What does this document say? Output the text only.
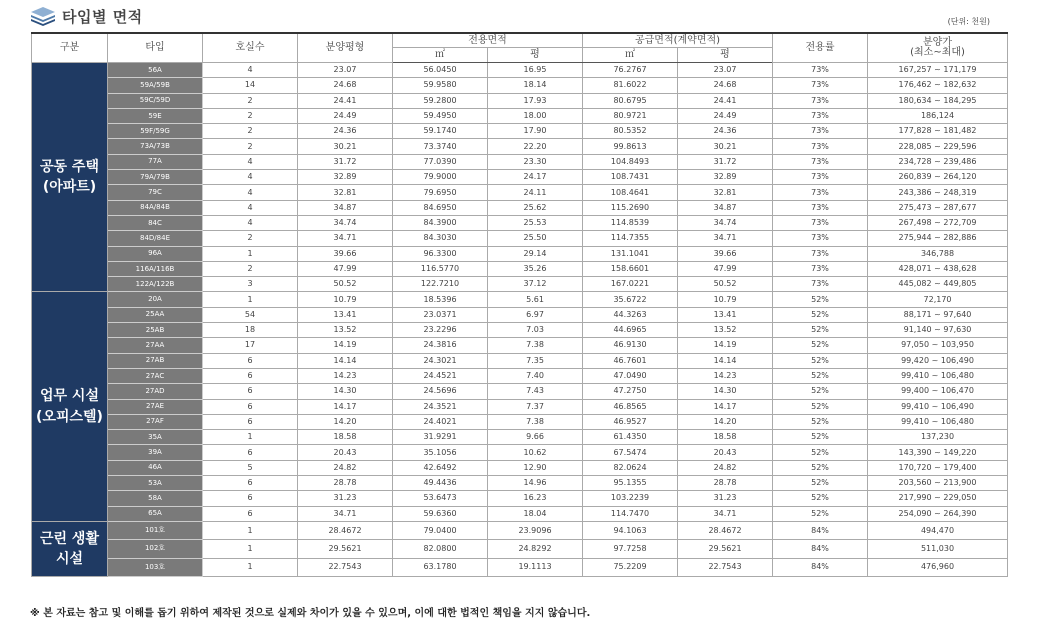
타입별 면적	(단위: 천원)
구분	타입	호실수	분양평형	전용면적		공급면적(계약면적)		전용률	분양가
(최소~최대)

				㎡	평	㎡	평		
공동 주택 (아파트)	56A	4	23.07	56.0450	16.95	76.2767	23.07	73%	167,257 ~ 171,179
	59A/59B	14	24.68	59.9580	18.14	81.6022	24.68	73%	176,462 ~ 182,632
	59C/59D	2	24.41	59.2800	17.93	80.6795	24.41	73%	180,634 ~ 184,295
	59E	2	24.49	59.4950	18.00	80.9721	24.49	73%	186,124
	59F/59G	2	24.36	59.1740	17.90	80.5352	24.36	73%	177,828 ~ 181,482
	73A/73B	2	30.21	73.3740	22.20	99.8613	30.21	73%	228,085 ~ 229,596
	77A	4	31.72	77.0390	23.30	104.8493	31.72	73%	234,728 ~ 239,486
	79A/79B	4	32.89	79.9000	24.17	108.7431	32.89	73%	260,839 ~ 264,120
	79C	4	32.81	79.6950	24.11	108.4641	32.81	73%	243,386 ~ 248,319
	84A/84B	4	34.87	84.6950	25.62	115.2690	34.87	73%	275,473 ~ 287,677
	84C	4	34.74	84.3900	25.53	114.8539	34.74	73%	267,498 ~ 272,709
	84D/84E	2	34.71	84.3030	25.50	114.7355	34.71	73%	275,944 ~ 282,886
	96A	1	39.66	96.3300	29.14	131.1041	39.66	73%	346,788
	116A/116B	2	47.99	116.5770	35.26	158.6601	47.99	73%	428,071 ~ 438,628
	122A/122B	3	50.52	122.7210	37.12	167.0221	50.52	73%	445,082 ~ 449,805
업무 시설 (오피스텔)	20A	1	10.79	18.5396	5.61	35.6722	10.79	52%	72,170
	25AA	54	13.41	23.0371	6.97	44.3263	13.41	52%	88,171 ~ 97,640
	25AB	18	13.52	23.2296	7.03	44.6965	13.52	52%	91,140 ~ 97,630
	27AA	17	14.19	24.3816	7.38	46.9130	14.19	52%	97,050 ~ 103,950
	27AB	6	14.14	24.3021	7.35	46.7601	14.14	52%	99,420 ~ 106,490
	27AC	6	14.23	24.4521	7.40	47.0490	14.23	52%	99,410 ~ 106,480
	27AD	6	14.30	24.5696	7.43	47.2750	14.30	52%	99,400 ~ 106,470
	27AE	6	14.17	24.3521	7.37	46.8565	14.17	52%	99,410 ~ 106,490
	27AF	6	14.20	24.4021	7.38	46.9527	14.20	52%	99,410 ~ 106,480
	35A	1	18.58	31.9291	9.66	61.4350	18.58	52%	137,230
	39A	6	20.43	35.1056	10.62	67.5474	20.43	52%	143,390 ~ 149,220
	46A	5	24.82	42.6492	12.90	82.0624	24.82	52%	170,720 ~ 179,400
	53A	6	28.78	49.4436	14.96	95.1355	28.78	52%	203,560 ~ 213,900
	58A	6	31.23	53.6473	16.23	103.2239	31.23	52%	217,990 ~ 229,050
	65A	6	34.71	59.6360	18.04	114.7470	34.71	52%	254,090 ~ 264,390
근린 생활 시설	101호	1	28.4672	79.0400	23.9096	94.1063	28.4672	84%	494,470
	102호	1	29.5621	82.0800	24.8292	97.7258	29.5621	84%	511,030
	103호	1	22.7543	63.1780	19.1113	75.2209	22.7543	84%	476,960
※ 본 자료는 참고 및 이해를 돕기 위하여 제작된 것으로 실제와 차이가 있을 수 있으며, 이에 대한 법적인 책임을 지지 않습니다.
